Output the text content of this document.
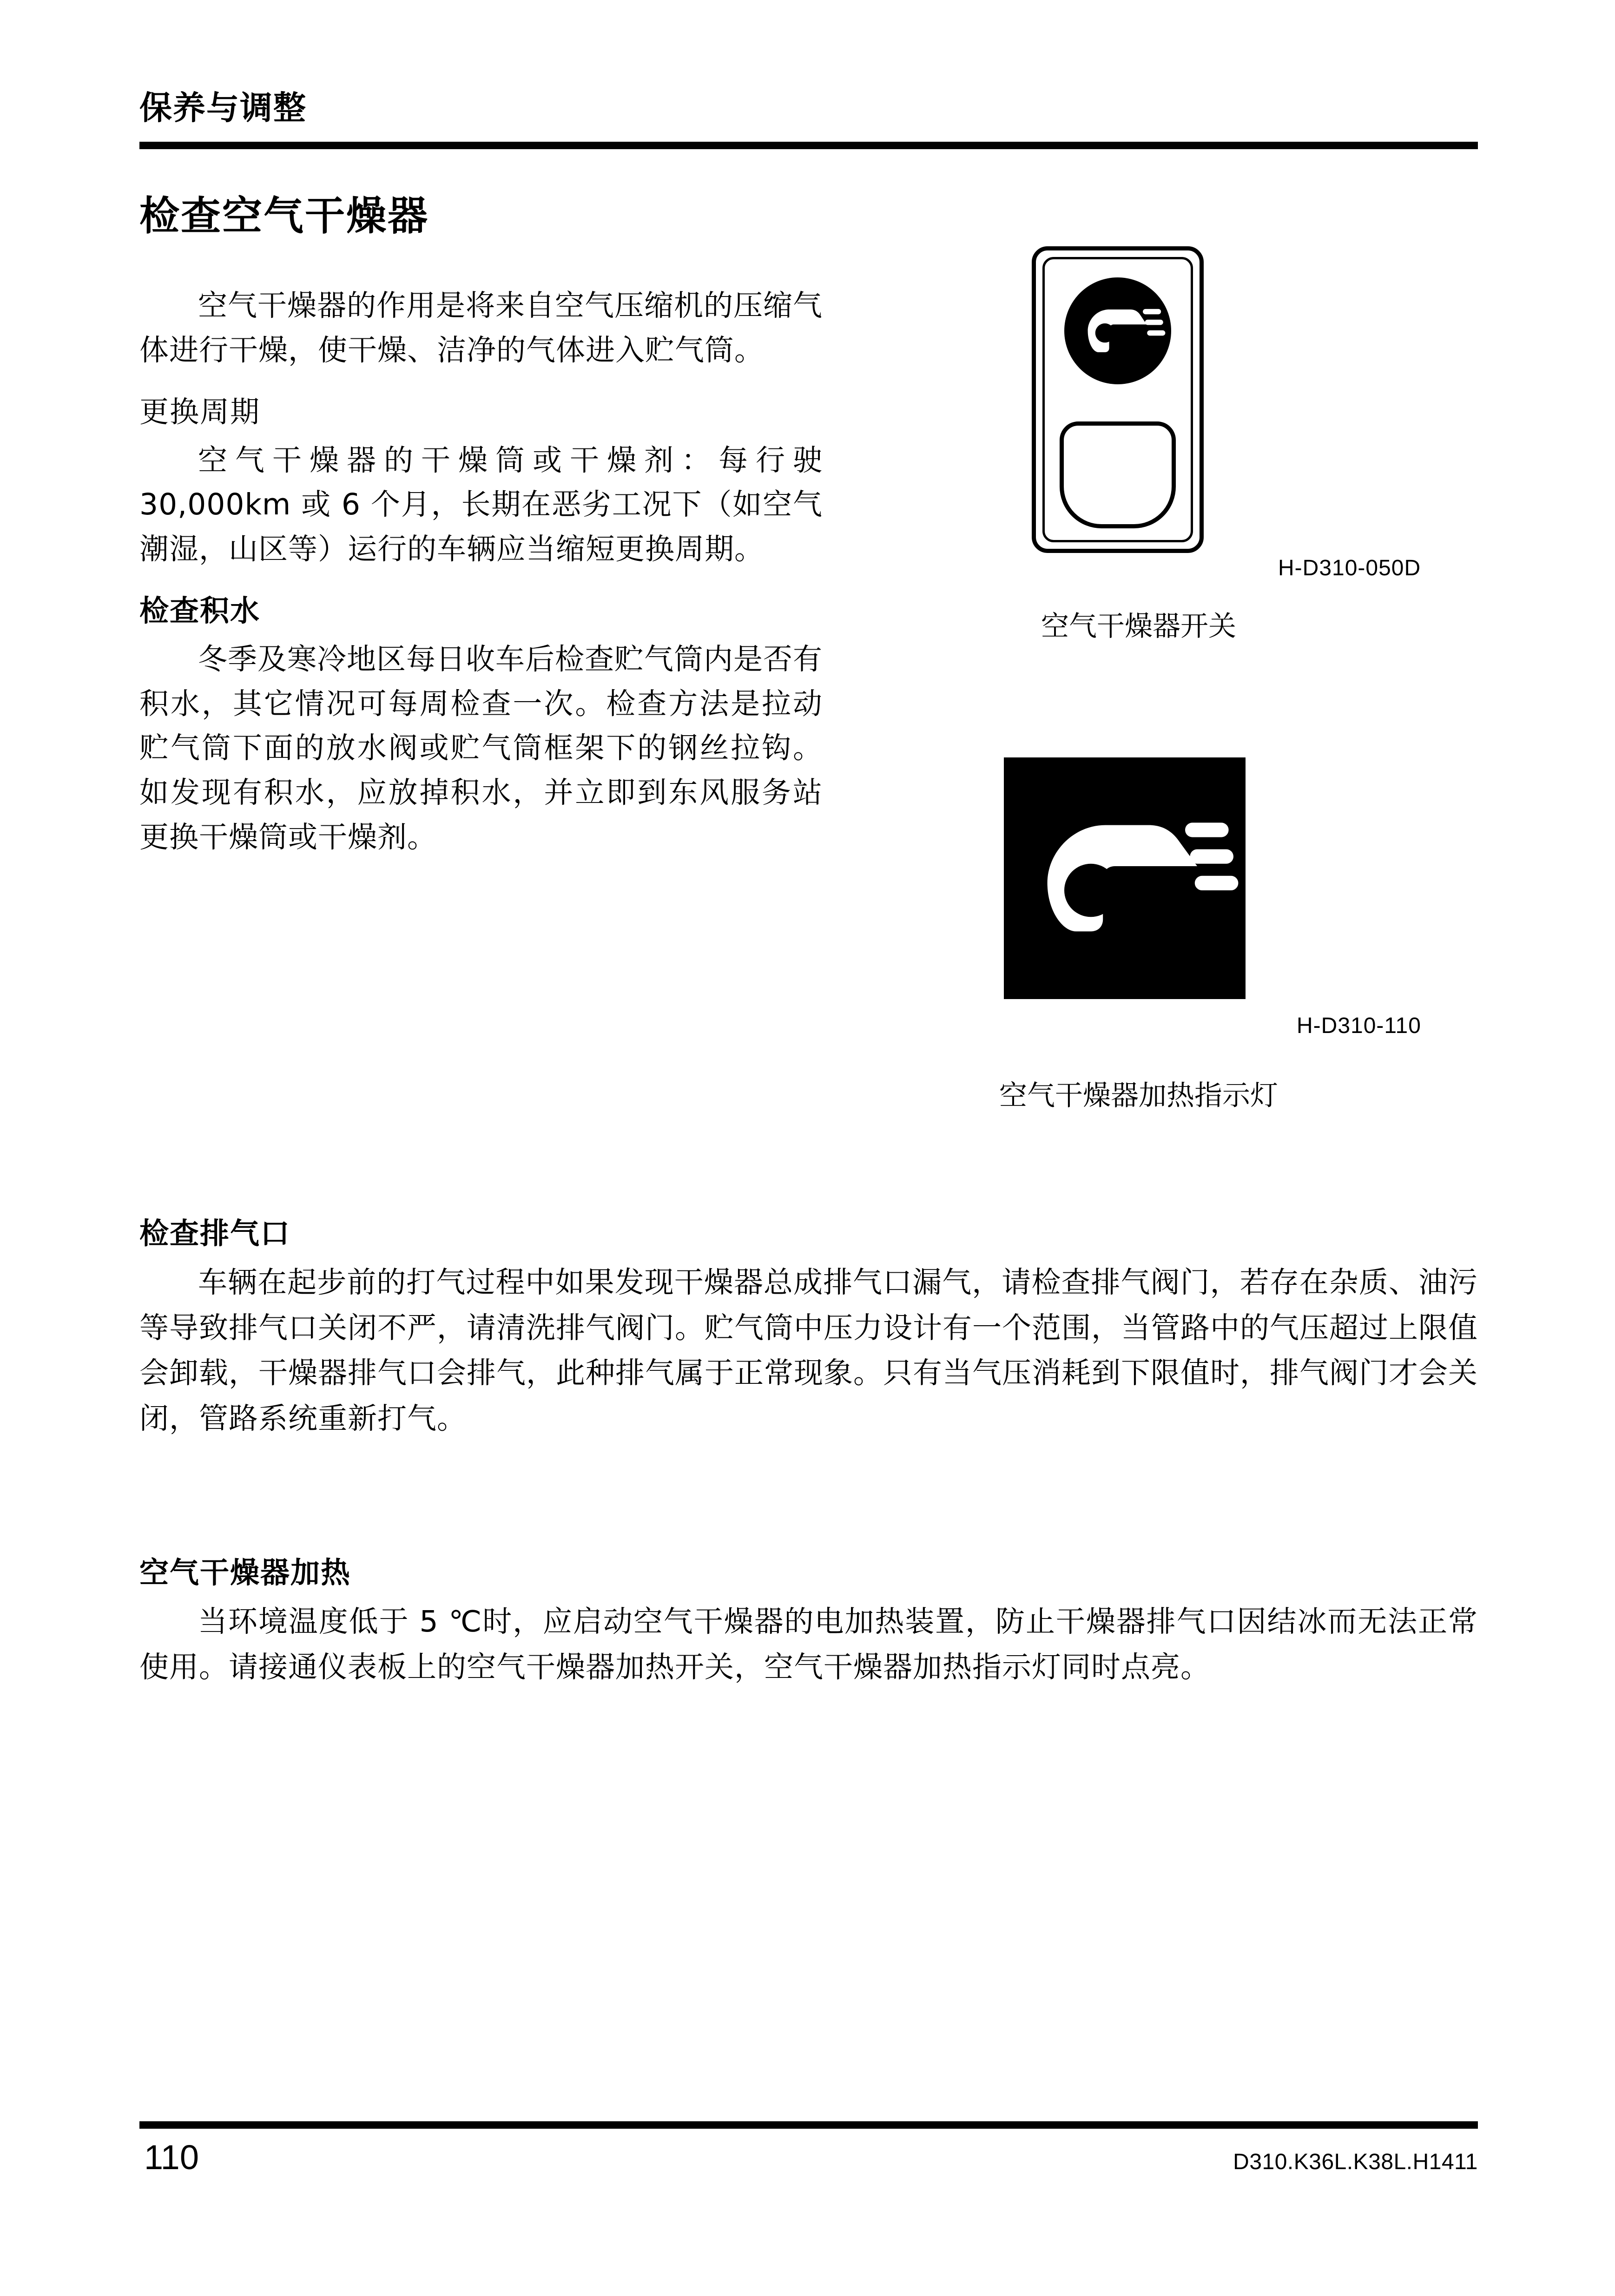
保养与调整
检查空气干燥器

空气干燥器的作用是将来自空气压缩机的压缩气体进行干燥，使干燥、洁净的气体进入贮气筒。

更换周期

空气干燥器的干燥筒或干燥剂：每行驶 30,000km 或 6 个月，长期在恶劣工况下（如空气潮湿，山区等）运行的车辆应当缩短更换周期。

检查积水

冬季及寒冷地区每日收车后检查贮气筒内是否有积水，其它情况可每周检查一次。检查方法是拉动贮气筒下面的放水阀或贮气筒框架下的钢丝拉钩。如发现有积水，应放掉积水，并立即到东风服务站更换干燥筒或干燥剂。

H-D310-050D
空气干燥器开关
H-D310-110
空气干燥器加热指示灯
检查排气口

车辆在起步前的打气过程中如果发现干燥器总成排气口漏气，请检查排气阀门，若存在杂质、油污等导致排气口关闭不严，请清洗排气阀门。贮气筒中压力设计有一个范围，当管路中的气压超过上限值会卸载，干燥器排气口会排气，此种排气属于正常现象。只有当气压消耗到下限值时，排气阀门才会关闭，管路系统重新打气。

空气干燥器加热

当环境温度低于 5 ℃时，应启动空气干燥器的电加热装置，防止干燥器排气口因结冰而无法正常使用。请接通仪表板上的空气干燥器加热开关，空气干燥器加热指示灯同时点亮。

110	D310.K36L.K38L.H1411
